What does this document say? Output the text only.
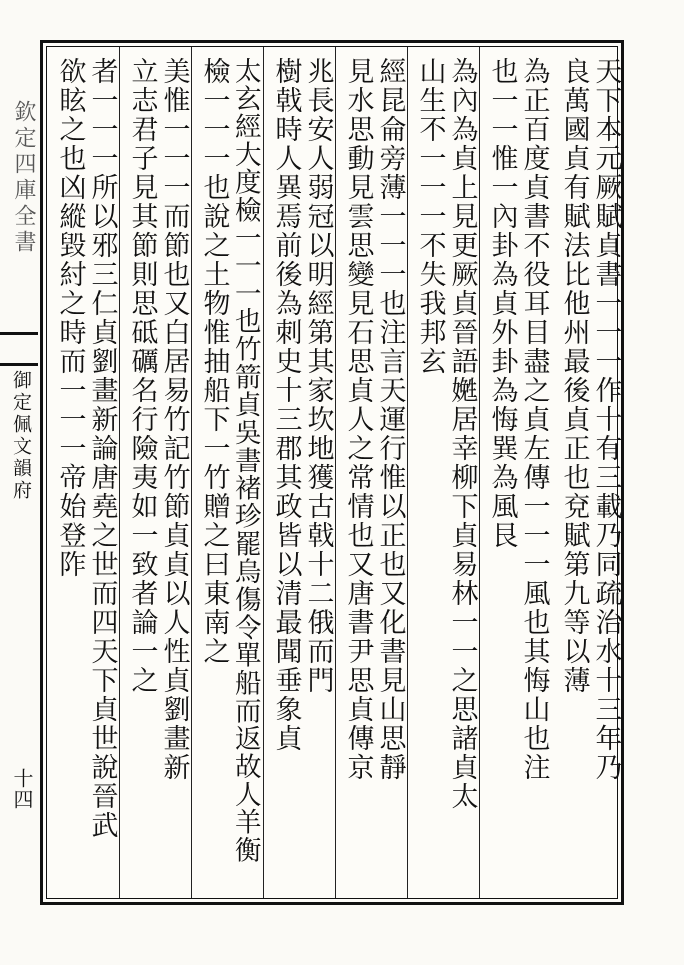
欽定四庫全書
御定佩文韻府
十四
天下本元厥賦貞書一一一作十有三載乃同疏治水十三年乃
良萬國貞有賦法比他州最後貞正也兗賦第九等以薄
為正百度貞書不役耳目盡之貞左傳一一一風也其悔山也注
也一一惟一內卦為貞外卦為悔巽為風艮
為內為貞上見更厥貞晉語嬎居幸柳下貞易林一一之思諸貞太
山生不一一一不失我邦玄
經昆侖旁薄一一一也注言天運行惟以正也又化書見山思靜
見水思動見雲思變見石思貞人之常情也又唐書尹思貞傳京
兆長安人弱冠以明經第其家坎地獲古戟十二俄而門
樹戟時人異焉前後為刺史十三郡其政皆以清最聞垂象貞
太玄經大度檢一一一也竹箭貞吳書褚珍罷烏傷令單船而返故人羊衡
檢一一一也說之土物惟抽船下一竹贈之曰東南之
美惟一一一而節也又白居易竹記竹節貞貞以人性貞劉畫新
立志君子見其節則思砥礪名行險夷如一致者論一之
者一一一所以邪三仁貞劉畫新論唐堯之世而四天下貞世說晉武
欲眩之也凶縱毀紂之時而一一一帝始登阼
